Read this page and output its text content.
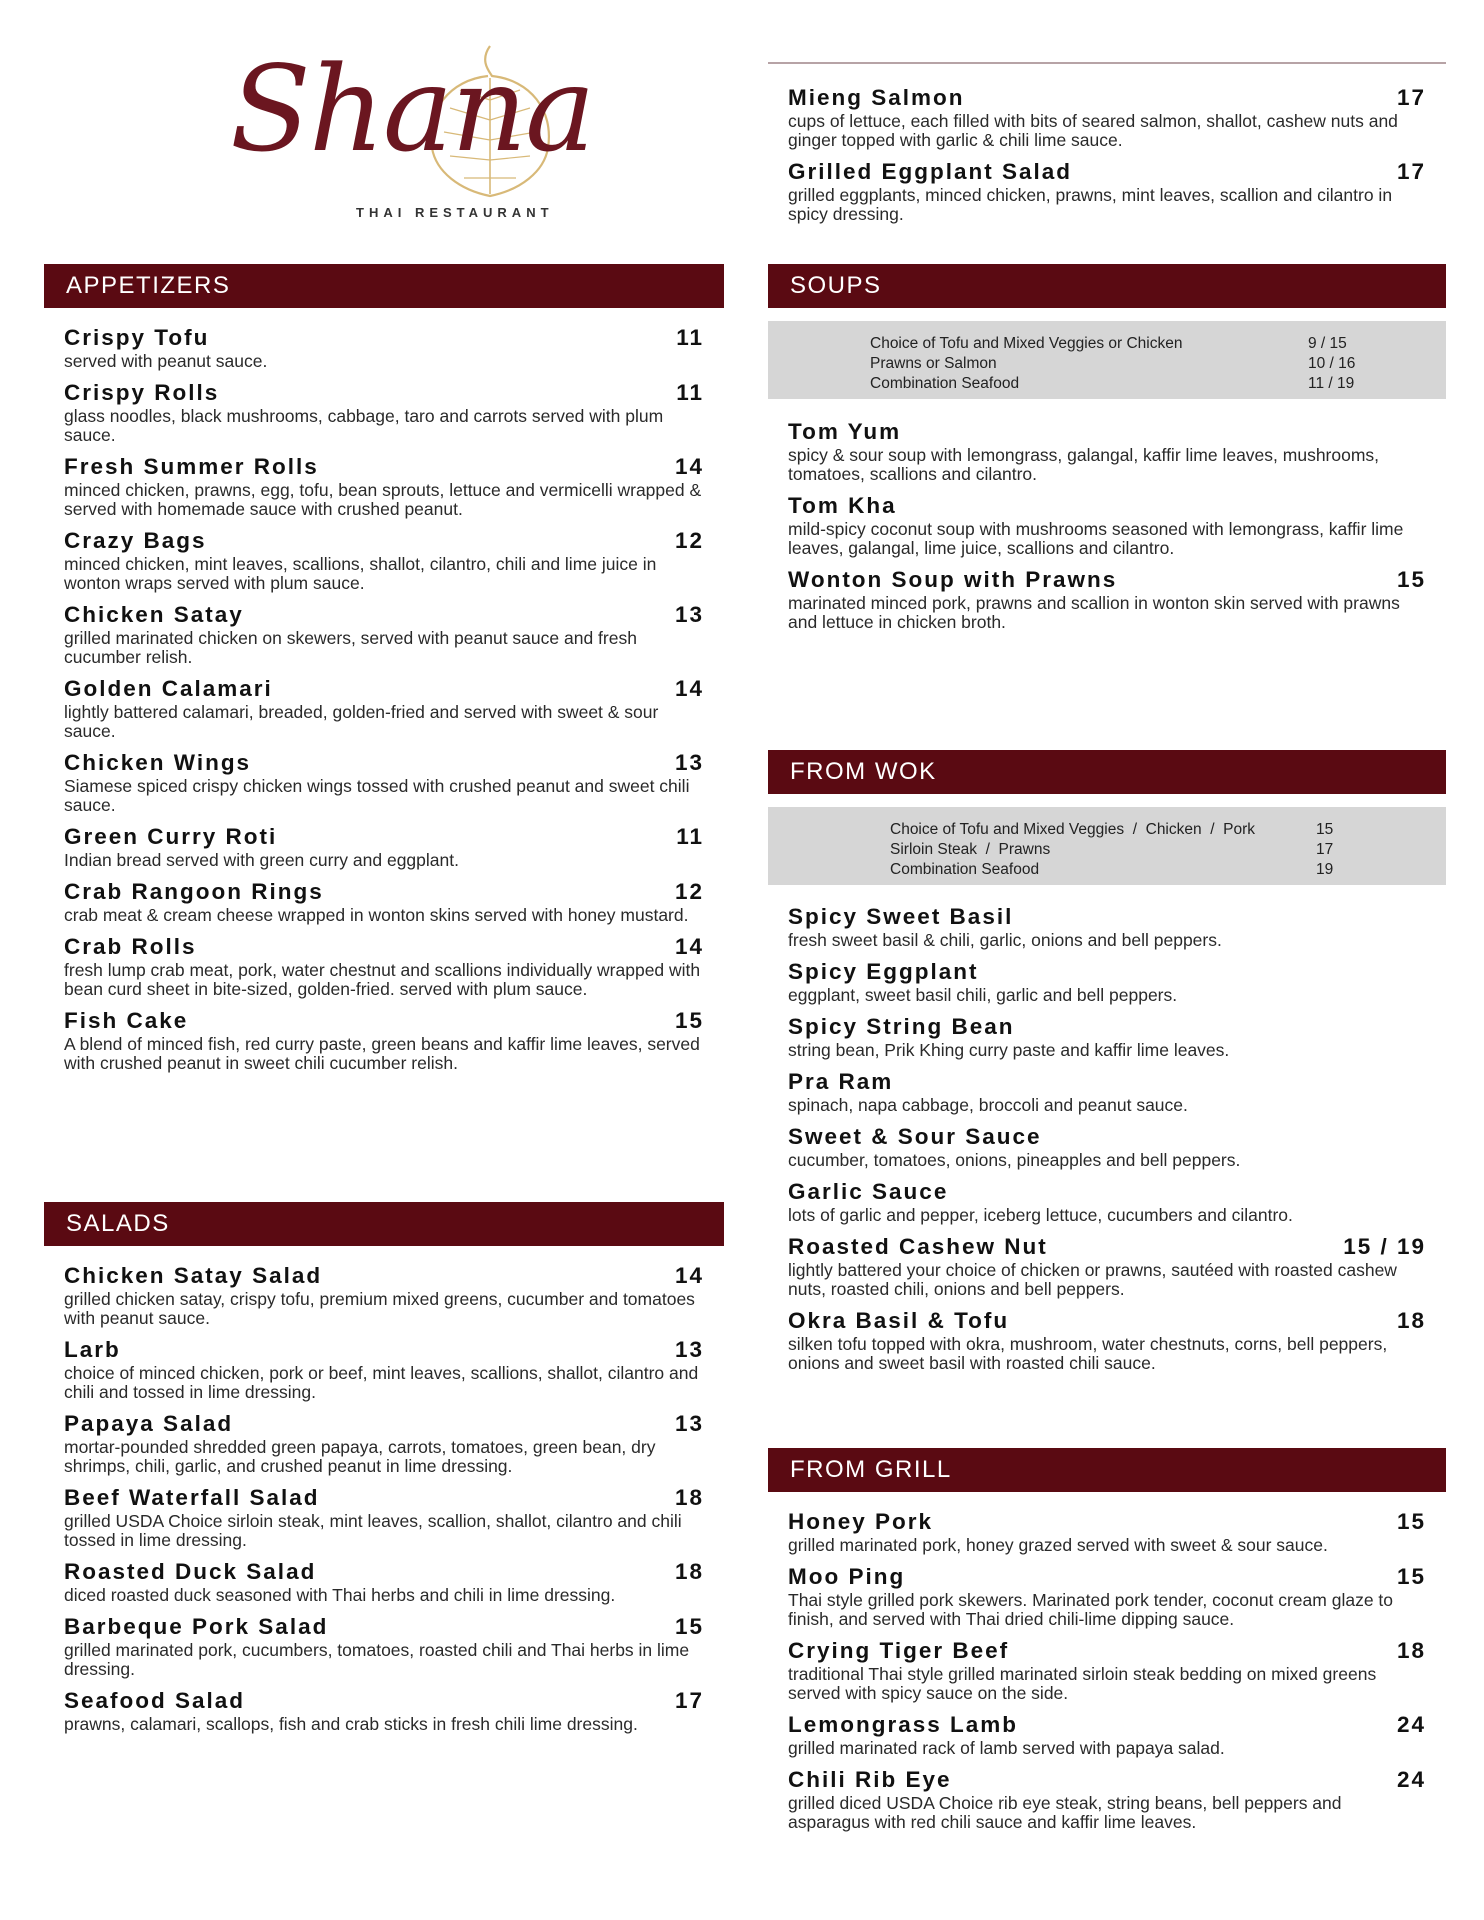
Shana
THAI RESTAURANT
APPETIZERS
Crispy Tofu	11
served with peanut sauce.
Crispy Rolls	11
glass noodles, black mushrooms, cabbage, taro and carrots served with plum sauce.
Fresh Summer Rolls	14
minced chicken, prawns, egg, tofu, bean sprouts, lettuce and vermicelli wrapped & served with homemade sauce with crushed peanut.
Crazy Bags	12
minced chicken, mint leaves, scallions, shallot, cilantro, chili and lime juice in wonton wraps served with plum sauce.
Chicken Satay	13
grilled marinated chicken on skewers, served with peanut sauce and fresh cucumber relish.
Golden Calamari	14
lightly battered calamari, breaded, golden-fried and served with sweet & sour sauce.
Chicken Wings	13
Siamese spiced crispy chicken wings tossed with crushed peanut and sweet chili sauce.
Green Curry Roti	11
Indian bread served with green curry and eggplant.
Crab Rangoon Rings	12
crab meat & cream cheese wrapped in wonton skins served with honey mustard.
Crab Rolls	14
fresh lump crab meat, pork, water chestnut and scallions individually wrapped with bean curd sheet in bite-sized, golden-fried. served with plum sauce.
Fish Cake	15
A blend of minced fish, red curry paste, green beans and kaffir lime leaves, served with crushed peanut in sweet chili cucumber relish.
SALADS
Chicken Satay Salad	14
grilled chicken satay, crispy tofu, premium mixed greens, cucumber and tomatoes with peanut sauce.
Larb	13
choice of minced chicken, pork or beef, mint leaves, scallions, shallot, cilantro and chili and tossed in lime dressing.
Papaya Salad	13
mortar-pounded shredded green papaya, carrots, tomatoes, green bean, dry shrimps, chili, garlic, and crushed peanut in lime dressing.
Beef Waterfall Salad	18
grilled USDA Choice sirloin steak, mint leaves, scallion, shallot, cilantro and chili tossed in lime dressing.
Roasted Duck Salad	18
diced roasted duck seasoned with Thai herbs and chili in lime dressing.
Barbeque Pork Salad	15
grilled marinated pork, cucumbers, tomatoes, roasted chili and Thai herbs in lime dressing.
Seafood Salad	17
prawns, calamari, scallops, fish and crab sticks in fresh chili lime dressing.
Mieng Salmon	17
cups of lettuce, each filled with bits of seared salmon, shallot, cashew nuts and ginger topped with garlic & chili lime sauce.
Grilled Eggplant Salad	17
grilled eggplants, minced chicken, prawns, mint leaves, scallion and cilantro in spicy dressing.
SOUPS
Choice of Tofu and Mixed Veggies or Chicken	9 / 15
Prawns or Salmon	10 / 16
Combination Seafood	11 / 19
Tom Yum
spicy & sour soup with lemongrass, galangal, kaffir lime leaves, mushrooms, tomatoes, scallions and cilantro.
Tom Kha
mild-spicy coconut soup with mushrooms seasoned with lemongrass, kaffir lime leaves, galangal, lime juice, scallions and cilantro.
Wonton Soup with Prawns	15
marinated minced pork, prawns and scallion in wonton skin served with prawns and lettuce in chicken broth.
FROM WOK
Choice of Tofu and Mixed Veggies  /  Chicken  /  Pork	15
Sirloin Steak  /  Prawns	17
Combination Seafood	19
Spicy Sweet Basil
fresh sweet basil & chili, garlic, onions and bell peppers.
Spicy Eggplant
eggplant, sweet basil chili, garlic and bell peppers.
Spicy String Bean
string bean, Prik Khing curry paste and kaffir lime leaves.
Pra Ram
spinach, napa cabbage, broccoli and peanut sauce.
Sweet & Sour Sauce
cucumber, tomatoes, onions, pineapples and bell peppers.
Garlic Sauce
lots of garlic and pepper, iceberg lettuce, cucumbers and cilantro.
Roasted Cashew Nut	15 / 19
lightly battered your choice of chicken or prawns, sautéed with roasted cashew nuts, roasted chili, onions and bell peppers.
Okra Basil & Tofu	18
silken tofu topped with okra, mushroom, water chestnuts, corns, bell peppers, onions and sweet basil with roasted chili sauce.
FROM GRILL
Honey Pork	15
grilled marinated pork, honey grazed served with sweet & sour sauce.
Moo Ping	15
Thai style grilled pork skewers. Marinated pork tender, coconut cream glaze to finish, and served with Thai dried chili-lime dipping sauce.
Crying Tiger Beef	18
traditional Thai style grilled marinated sirloin steak bedding on mixed greens served with spicy sauce on the side.
Lemongrass Lamb	24
grilled marinated rack of lamb served with papaya salad.
Chili Rib Eye	24
grilled diced USDA Choice rib eye steak, string beans, bell peppers and asparagus with red chili sauce and kaffir lime leaves.
